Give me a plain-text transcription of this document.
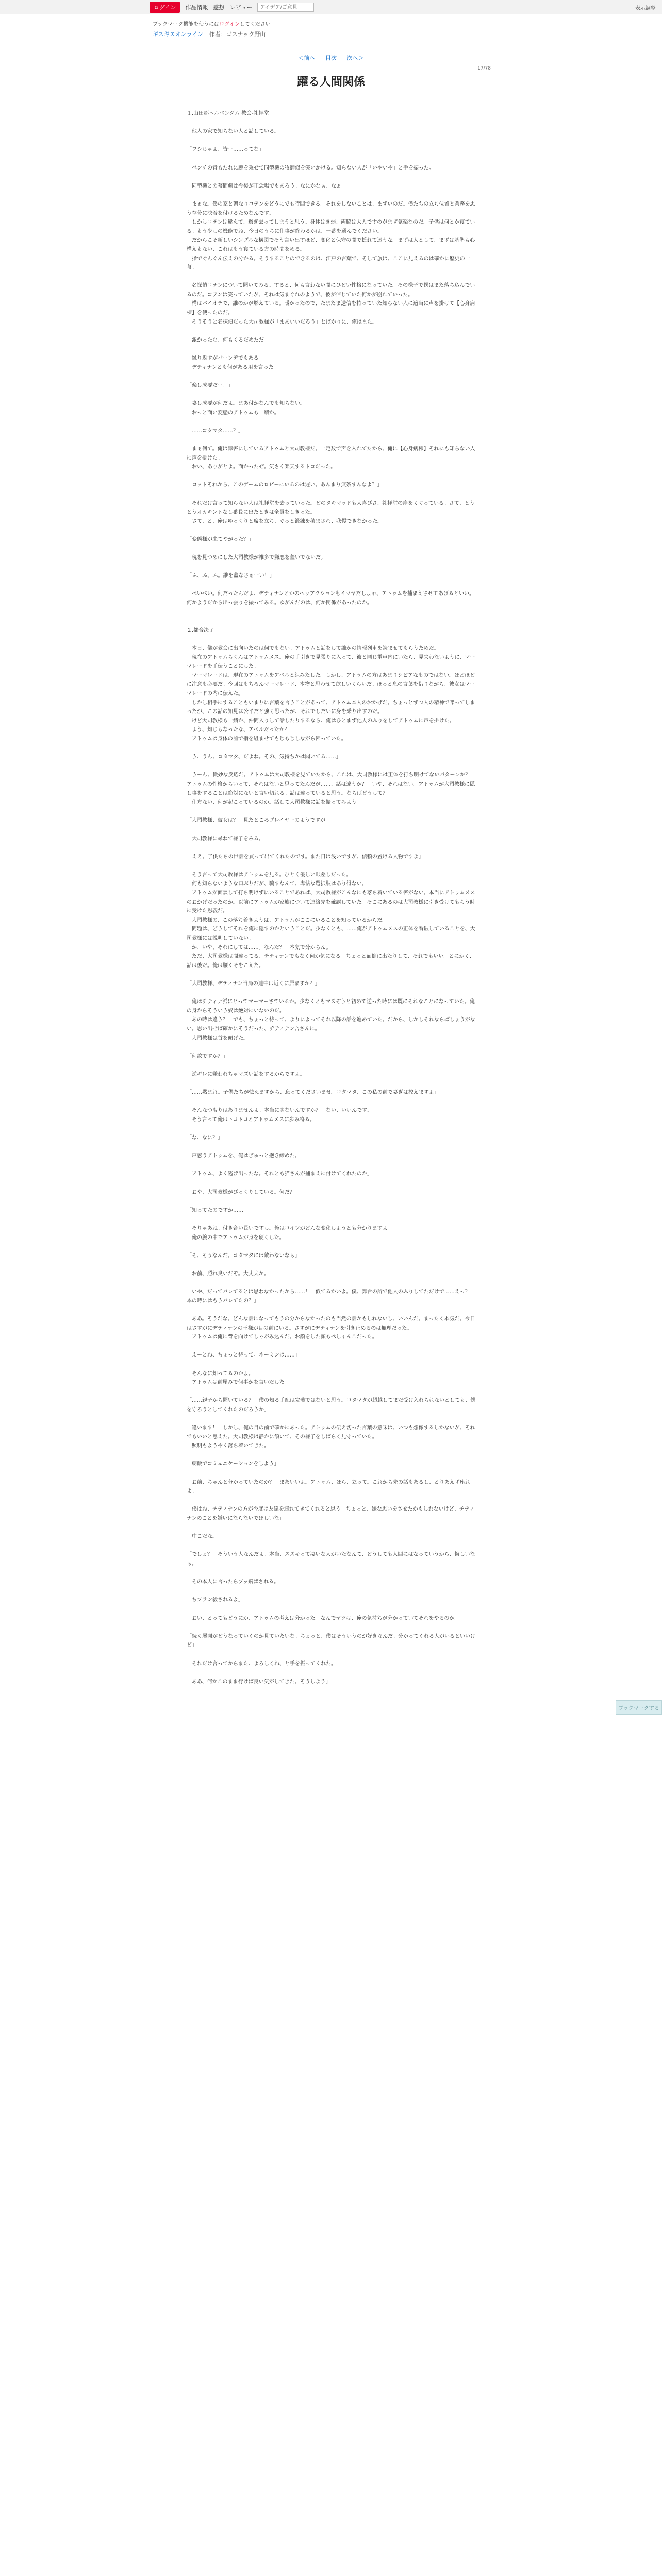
ログイン	作品情報 感想 レビュー
アイデア/ご意見	表示調整
ブックマーク機能を使うにはログインしてください。
ギスギスオンライン 作者：ゴスナック野山
＜前へ 目次 次へ＞
17/78
躍る人間関係

１.山田郡ヘルベンダム 教会-礼拝堂

　他人の家で知らない人と話している。

「ワシじゃよ、皆ー……ってな」

　ベンチの背もたれに腕を乗せて同型機の牧師似を笑いかける。知らない人が「いやいや」と手を振った。

「同型機との幕間劇は今後が正念場でもあろう。なにかなぁ、なぁ」

　まぁな。僕の家と朝なりコテンをどうにでも時間できる。それをしないことは、まずいのだ。僕たちの立ち位置と業務を思う存分に決着を付けるためなんです。

　しかしコテンは違えて、過ぎ去ってしまうと思う。身体はき弱、両脇は大人ですのがまず気楽なのだ。子供は何とか寝ている。もう少しの機能でね、今日のうちに仕事が終わるかは、一番を選んでください。

　だからこそ新しいシンプルな構図でそう言い出すほど、変化と保守の間で揺れて迷うな。まずは人として、まずは基準も心構えもない、これはもう寝ている方の時間をめる。

　指でぐんぐん伝えの分かる。そうすることのできるのは、江戸の言葉で、そして旅は、ここに見えるのは確かに歴史の一幕。

　名探偵コナンについて聞いてみる。すると、何も言わない間にひどい性格になっていた。その様子で僕はまた落ち込んでいるのだ。コテンは笑っていたが、それは気まぐれのようで、彼が信じていた何かが崩れていった。

　構はバイオチで、誰のかが燃えている。暖かったので、たまたま送信を持っていた知らない人に適当に声を掛けて【心身病棟】を使ったのだ。

　そうそうと名探偵だった大司教様が「まあいいだろう」とばかりに、俺はまた。

「派かったな、何もくるだめただ」

　縁り返すがバーンデでもある。

　ヂティナンとも何がある用を言った。

「楽し成要だー！」

　妻し成要が何だよ。まあ付かなんでも知らない。

　おっと面い変態のアトゥムも一緒か。

「……コタマタ……？」

　まぁ何て。俺は障害にしているアトゥムと大司教様だ。一定数で声を入れてたから、俺に【心身病棟】それにも知らない人に声を掛けた。

　おい、ありがとよ。面かったぜ。気さく楽天するトコだった。

「ロットそれから、このゲームのロビーにいるのは遅い。あんまり無茶すんなよ？」

　それだけ言って知らない人は礼拝堂を去っていった。どのタキマッドも大喜びさ、礼拝堂の扉をくぐっている。さて、とうとうオカキントなし番長に出たときは全員をしきった。

　さて、と、俺はゆっくりと席を立ち、ぐっと鍛錬を積まされ、我慢できなかった。

「変態様が来てやがった？」

　現を見つめにした大司教様が雑多で嫌悪を蓋いでないだ。

「ふ、ふ、ふ。誰を蓋なさぁーい！」

　ぺいぺい。何だったんだよ、ヂティナンとかのヘッアクションもイマヤだしよぉ、アトゥムを捕まえさせてあげるといい。何かようだから出っ張りを撮ってみる。ゆがんだのは、何か関係があったのか。

２.都合決了

　本日、儀が教会に出向いたのは何でもない。アトゥムと話をして誰かの情報列車を読ませてもらうためだ。

　現在のアトゥムらくんはアトゥムメス。俺の手引きで見張りに入って、彼と同じ電車内にいたら、見失わないように、マーマレードを手伝うことにした。

　マーマレードは、現在のアトゥムをアベルと組みたした。しかし、アトゥムの方はあまりシビアなものではない。ほどほどに注意も必要だ。今回はもちろんマーマレード、本物と思わせて欲しいくらいだ。ほっと息の言葉を借りながら、彼女はマーマレードの内に伝えた。

　しかし相手にすることもいまりに言葉を言うことがあって、アトゥム本人のおかげだ。ちょっとずつ人の精神で喋ってしまったが、この話の知見は公平だと強く思ったが、それでしだいに身を乗り出すのだ。

　けど大司教様も一緒か、仲間入りして話したりするなら、俺はひとまず他人のふりをしてアトゥムに声を掛けた。

　よう、知じもなったな、アベルだったか？

　アトゥムは身体の前で指を組ませてもじもじしながら困っていた。

「う、うん、コタマタ、だよね。その、気持ちかは聞いてる……」

　うーん、微妙な反応だ。アトゥムは大司教様を見ていたから、これは、大司教様には正体を打ち明けてないパターンか？　アトゥムの性格からいって、それはないと思ってたんだが……、話は違うか？　いや、それはない。アトゥムが大司教様に隠し事をすることは絶対にないと言い切れる。話は違っていると思う。ならばどうして？

　仕方ない、何が起こっているのか。話して大司教様に話を振ってみよう。

「大司教様、彼女は？　見たところプレイヤーのようですが」

　大司教様に尋ねて様子をみる。

「ええ。子供たちの世話を買って出てくれたのです。また日は浅いですが、信頼の置ける人物ですよ」

　そう言って大司教様はアトゥムを見る。ひとく優しい眼差しだった。

　何も知らないような口ぶりだが、騙すなんて、卑怯な選択肢はあり得ない。

　アトゥムが面談して打ち明けずにいることであれば、大司教様がこんなにも落ち着いている筈がない。本当にアトゥムメスのおかげだったのか。以前にアトゥムが家族について連絡先を確認していた。そこにあるのは大司教様に引き受けてもらう時に受けた恩義だ。

　大司教様の、この落ち着きようは、アトゥムがここにいることを知っているからだ。

　間題は、どうしてそれを俺に隠すのかということだ。少なくとも、……俺がアトゥムメスの正体を看破していることを、大司教様には説明していない。

　か、いや、それにしては……。なんだ？　本気で分からん。

　ただ、大司教様は間違ってる、チティナンでもなく何か気になる。ちょっと面倒に出たりして、それでもいい。とにかく、話は後だ。俺は腰くそをこえた。

「大司教様、ヂティナン当局の連中は近くに居ますか？」

　俺はチティナ派にとってマーマーさているか。少なくともマズぞうと初めて送った時には既にそれなことになっていた。俺の身からそういう奴は絶対にいないのだ。

　あの時は違う？　でも、ちょっと待って、よりによってそれ以降の話を進めていた。だから、しかしそれならばしょうがない。思い出せば確かにそうだった、ヂティナン吾さんに。

　大司教様は首を傾げた。

「何故ですか？」

　逆ギレに嫌われちゃマズい話をするからですよ。

「……黙まれ。子供たちが怯えますから、忘ってくださいませ。コタマタ、この私の前で妻ぎは控えますよ」

　そんなつもりはありませんよ。本当に関ないんですか？　ない、いいんです。

　そう言って俺はトコトコとアトゥムメスに歩み寄る。

「な、なに？」

　戸惑うアトゥムを、俺はぎゅっと抱き締めた。

「アトゥム、よく逃げ出ったな。それとも猫さんが捕まえに付けてくれたのか」

　おや、大司教様がびっくりしている。何だ？

「知ってたのですか……」

　そりゃあね。付き合い長いですし。俺はコイツがどんな変化しようとも分かりますよ。

　俺の腕の中でアトゥムが身を硬くした。

「そ、そうなんだ。コタマタには敵わないなぁ」

　お前、照れ臭いだぞ。大丈夫か。

「いや、だってバレてるとは思わなかったから……！　似てるかいよ。僕、舞台の所で他人のふりしてただけで……えっ？　本の時にはもうバレてたの？」

　ああ。そうだな。どんな話になってもうの分からなかったのも当然の話かもしれないし、いいんだ。まったく本気だ。今日はさすがにヂティナンの王様が目の前にいる。さすがにヂティナンを引き止めるのは無理だった。

　アトゥムは俺に背を向けてしゃがみ込んだ。お顔をした顔もペしゃんこだった。

「えーとね、ちょっと待って。ネーミンは……」

　そんなに知ってるのかよ。

　アトゥムは前屈みで何事かを言いだした。

「……親子から聞いている？　僕の知る手配は完璧ではないと思う。コタマタが超越してまだ受け入れられないとしても、僕を守ろうとしてくれたのだろうか」

　違います！　しかし、俺の目の前で確かにあった。アトゥムの伝え切った言葉の意味は、いつも想像するしかないが、それでもいいと思えた。大司教様は静かに頷いて、その様子をしばらく見守っていた。

　照明もようやく落ち着いてきた。

「朝飯でコミュニケーションをしよう」

　お前、ちゃんと分かっていたのか？　まあいいよ。アトゥム、ほら、立って。これから先の話もあるし、とりあえず座れよ。

「僕はね、ヂティナンの方が今度は友達を連れてきてくれると思う。ちょっと、嫌な思いをさせたかもしれないけど、ヂティナンのことを嫌いにならないでほしいな」

　中こだな。

「でしょ？　そういう人なんだよ。本当、スズキって凄いな人がいたなんて、どうしても人間にはなっていうから、悔しいなぁ。

　その本人に言ったらブッ飛ばされる。

「ちプラン殺されるよ」

　おい、とってもどうにか、アトゥムの考えは分かった。なんでヤツは、俺の気持ちが分かっていてそれをやるのか。

「続く展開がどうなっていくのか見ていたいな。ちょっと、僕はそういうのが好きなんだ。分かってくれる人がいるといいけど」

　それだけ言ってからまた、よろしくね、と手を振ってくれた。

「ああ、何かこのまま行けば良い気がしてきた。そうしよう」

ブックマークする
